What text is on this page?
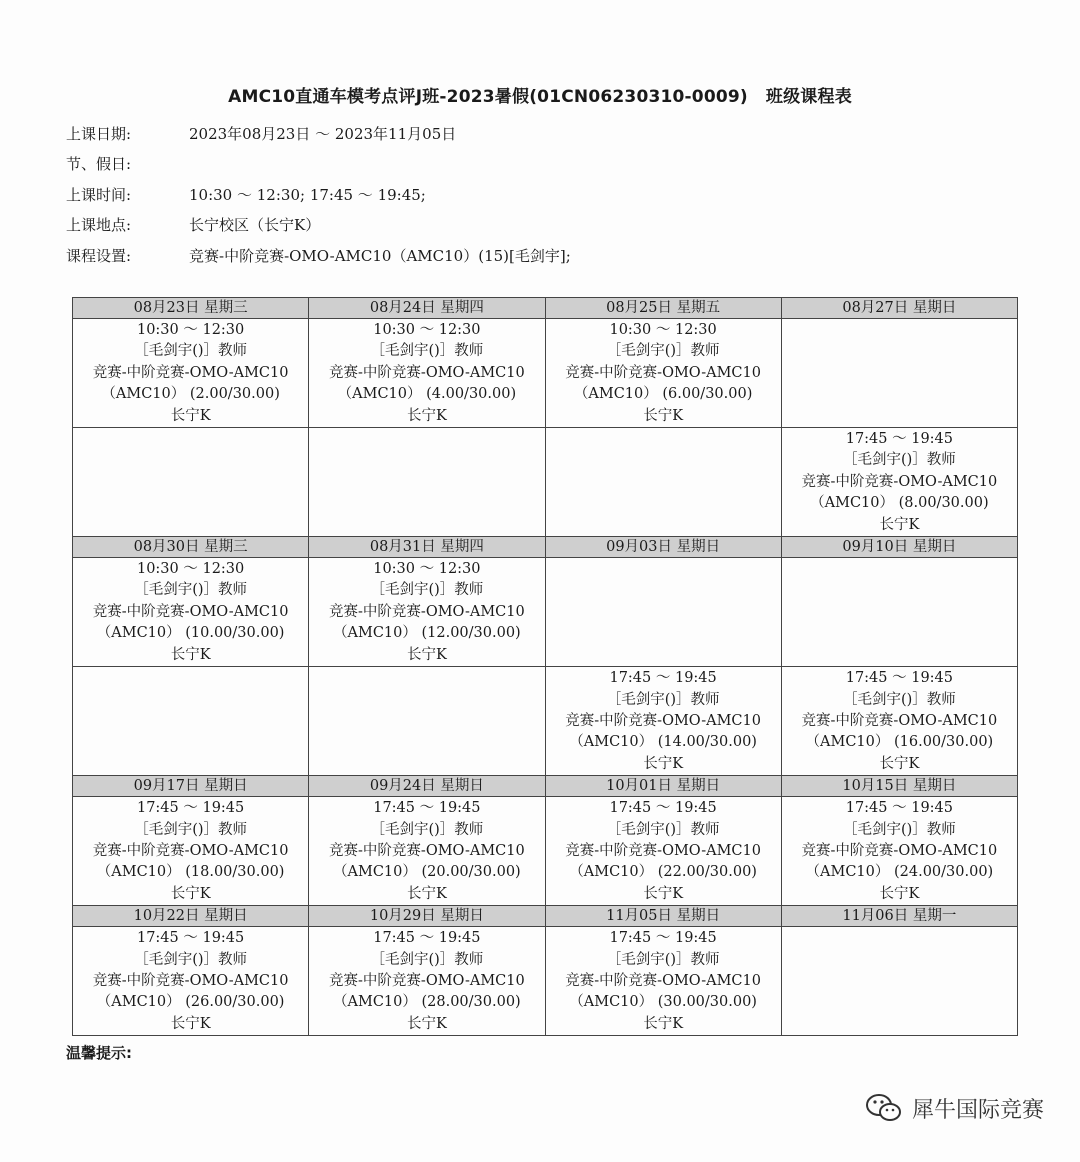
AMC10直通车模考点评J班-2023暑假(01CN06230310-0009) 班级课程表
上课日期:	2023年08月23日 ～ 2023年11月05日
节、假日:
上课时间:	10:30 ～ 12:30; 17:45 ～ 19:45;
上课地点:	长宁校区（长宁K）
课程设置:	竞赛-中阶竞赛-OMO-AMC10（AMC10）(15)[毛剑宇];
08月23日 星期三	08月24日 星期四	08月25日 星期五	08月27日 星期日

10:30 ～ 12:30
［毛剑宇()］教师
竞赛-中阶竞赛-OMO-AMC10
（AMC10） (2.00/30.00)
长宁K	10:30 ～ 12:30
［毛剑宇()］教师
竞赛-中阶竞赛-OMO-AMC10
（AMC10） (4.00/30.00)
长宁K	10:30 ～ 12:30
［毛剑宇()］教师
竞赛-中阶竞赛-OMO-AMC10
（AMC10） (6.00/30.00)
长宁K	

			17:45 ～ 19:45
［毛剑宇()］教师
竞赛-中阶竞赛-OMO-AMC10
（AMC10） (8.00/30.00)
长宁K

08月30日 星期三	08月31日 星期四	09月03日 星期日	09月10日 星期日

10:30 ～ 12:30
［毛剑宇()］教师
竞赛-中阶竞赛-OMO-AMC10
（AMC10） (10.00/30.00)
长宁K	10:30 ～ 12:30
［毛剑宇()］教师
竞赛-中阶竞赛-OMO-AMC10
（AMC10） (12.00/30.00)
长宁K		

		17:45 ～ 19:45
［毛剑宇()］教师
竞赛-中阶竞赛-OMO-AMC10
（AMC10） (14.00/30.00)
长宁K	17:45 ～ 19:45
［毛剑宇()］教师
竞赛-中阶竞赛-OMO-AMC10
（AMC10） (16.00/30.00)
长宁K

09月17日 星期日	09月24日 星期日	10月01日 星期日	10月15日 星期日

17:45 ～ 19:45
［毛剑宇()］教师
竞赛-中阶竞赛-OMO-AMC10
（AMC10） (18.00/30.00)
长宁K	17:45 ～ 19:45
［毛剑宇()］教师
竞赛-中阶竞赛-OMO-AMC10
（AMC10） (20.00/30.00)
长宁K	17:45 ～ 19:45
［毛剑宇()］教师
竞赛-中阶竞赛-OMO-AMC10
（AMC10） (22.00/30.00)
长宁K	17:45 ～ 19:45
［毛剑宇()］教师
竞赛-中阶竞赛-OMO-AMC10
（AMC10） (24.00/30.00)
长宁K

10月22日 星期日	10月29日 星期日	11月05日 星期日	11月06日 星期一

17:45 ～ 19:45
［毛剑宇()］教师
竞赛-中阶竞赛-OMO-AMC10
（AMC10） (26.00/30.00)
长宁K	17:45 ～ 19:45
［毛剑宇()］教师
竞赛-中阶竞赛-OMO-AMC10
（AMC10） (28.00/30.00)
长宁K	17:45 ～ 19:45
［毛剑宇()］教师
竞赛-中阶竞赛-OMO-AMC10
（AMC10） (30.00/30.00)
长宁K	

温馨提示:
犀牛国际竞赛
